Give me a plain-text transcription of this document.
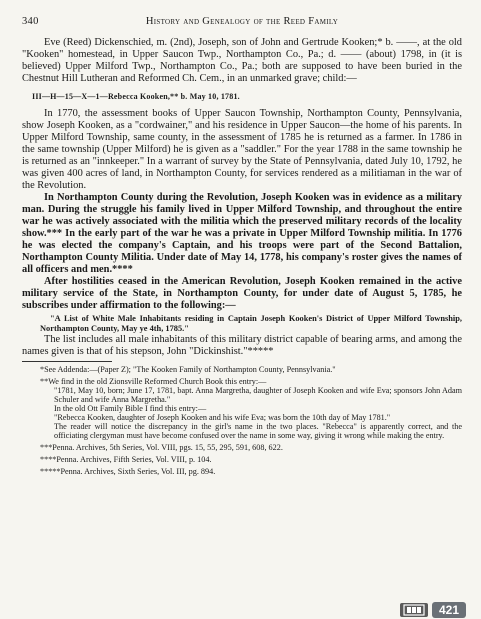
340	History and Genealogy of the Reed Family

Eve (Reed) Dickenschied, m. (2nd), Joseph, son of John and Gertrude Kooken;* b. ——, at the old "Kooken" homestead, in Upper Saucon Twp., Northampton Co., Pa.; d. —— (about) 1798, in (it is believed) Upper Milford Twp., Northampton Co., Pa.; both are supposed to have been buried in the Chestnut Hill Lutheran and Reformed Ch. Cem., in an unmarked grave; child:—

III—H—15—X—1—Rebecca Kooken,** b. May 10, 1781.

In 1770, the assessment books of Upper Saucon Township, Northampton County, Pennsylvania, show Joseph Kooken, as a "cordwainer," and his residence in Upper Saucon—the home of his parents. In Upper Milford Township, same county, in the assessment of 1785 he is returned as a farmer. In 1786 in the same township (Upper Milford) he is given as a "saddler." For the year 1788 in the same township he is returned as an "innkeeper." In a warrant of survey by the State of Pennsylvania, dated July 10, 1792, he was given 400 acres of land, in Northampton County, for services rendered as a militiaman in the war of the Revolution.

In Northampton County during the Revolution, Joseph Kooken was in evidence as a military man. During the struggle his family lived in Upper Milford Township, and throughout the entire war he was actively associated with the militia which the preserved military records of the locality show.*** In the early part of the war he was a private in Upper Milford Township militia. In 1776 he was elected the company's Captain, and his troops were part of the Second Battalion, Northampton County Militia. Under date of May 14, 1778, his company's roster gives the names of all officers and men.****

After hostilities ceased in the American Revolution, Joseph Kooken remained in the active military service of the State, in Northampton County, for under date of August 5, 1785, he subscribes under affirmation to the following:—

"A List of White Male Inhabitants residing in Captain Joseph Kooken's District of Upper Milford Township, Northampton County, May ye 4th, 1785."

The list includes all male inhabitants of this military district capable of bearing arms, and among the names given is that of his stepson, John "Dickinshist."*****

*See Addenda:—(Paper Z); "The Kooken Family of Northampton County, Pennsylvania."

**We find in the old Zionsville Reformed Church Book this entry:—

"1781, May 10, born; June 17, 1781, bapt. Anna Margretha, daughter of Joseph Kooken and wife Eva; sponsors John Adam Schuler and wife Anna Margretha."

In the old Ott Family Bible I find this entry:—

"Rebecca Kooken, daughter of Joseph Kooken and his wife Eva; was born the 10th day of May 1781."

The reader will notice the discrepancy in the girl's name in the two places. "Rebecca" is apparently correct, and the officiating clergyman must have become confused over the name in some way, giving it wrong while making the entry.

***Penna. Archives, 5th Series, Vol. VIII, pgs. 15, 55, 295, 591, 608, 622.

****Penna. Archives, Fifth Series, Vol. VIII, p. 104.

*****Penna. Archives, Sixth Series, Vol. III, pg. 894.

421
